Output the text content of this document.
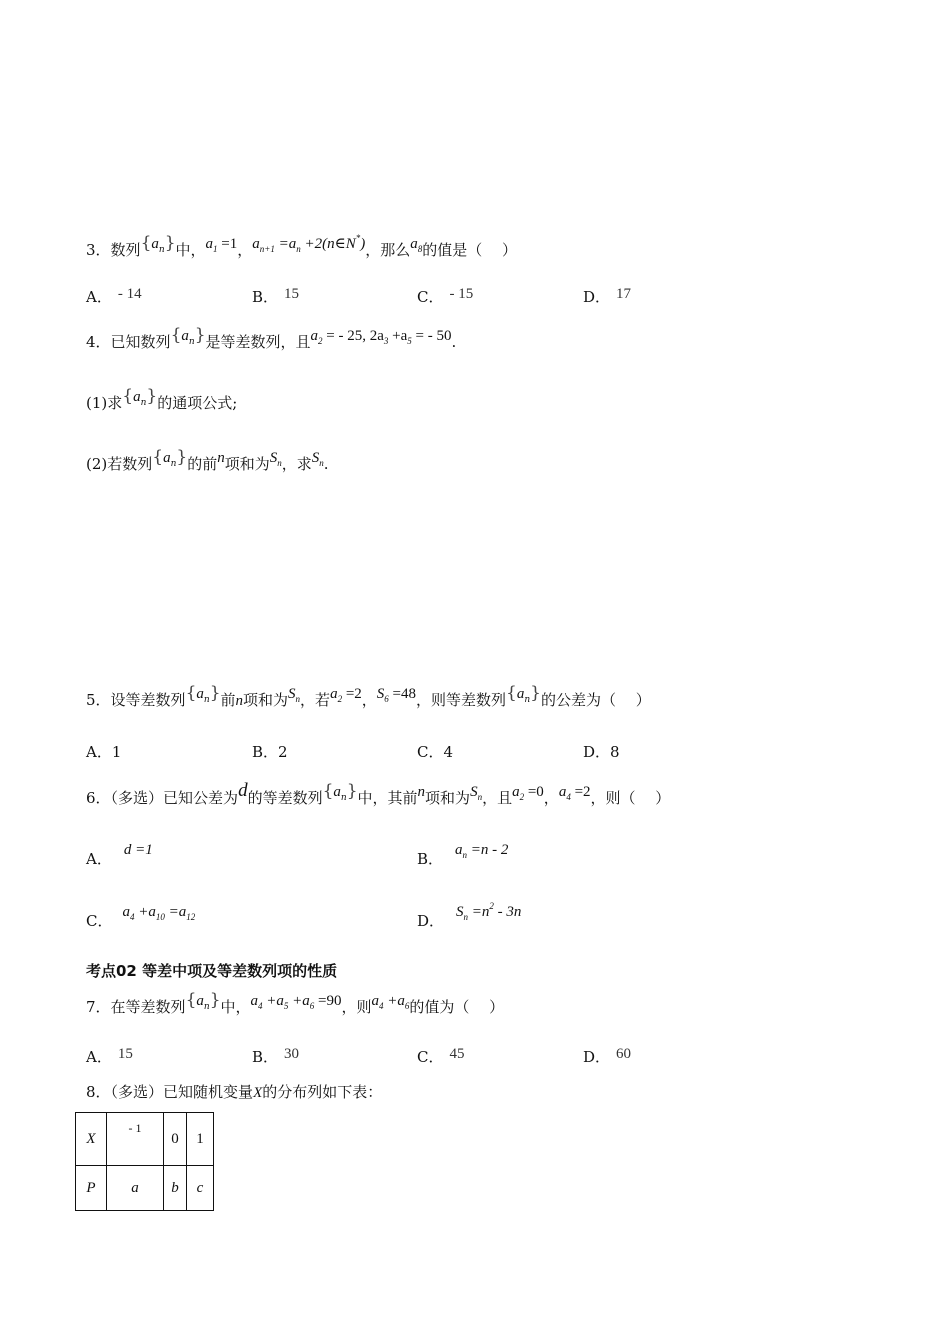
3．数列$\{a_n\}$中，$a_1 =1$，$a_{n+1} =a_n$ +2(n∈N*)，那么$a_8$的值是（　 ）
A． - 14	B． 15	C． - 15	D． 17
4．已知数列$\{a_n\}$是等差数列，且$a_2$ = - 25, $2a_3 +a_5$ = - 50.
(1)求$\{a_n\}$的通项公式;
(2)若数列$\{a_n\}$的前n项和为$S_n$，求$S_n$.
5．设等差数列$\{a_n\}$前n项和为$S_n$，若$a_2 =2$，$S_6 =48$，则等差数列$\{a_n\}$的公差为（　 ）
A．1	B．2	C．4	D．8
6．（多选）已知公差为d的等差数列$\{a_n\}$中，其前n项和为$S_n$，且$a_2 =0$，$a_4 =2$，则（　 ）
A． d =1	B． $a_n =n - 2$
C． $a_4 +a_{10} =a_{12}$	D． $S_n =n^2 - 3n$
考点02 等差中项及等差数列项的性质
7．在等差数列$\{a_n\}$中，$a_4 +a_5 +a_6 =90$，则$a_4 +a_6$的值为（　 ）
A． 15	B． 30	C． 45	D． 60
8．（多选）已知随机变量X的分布列如下表：
X	- 1	0	1
P	a	b	c
